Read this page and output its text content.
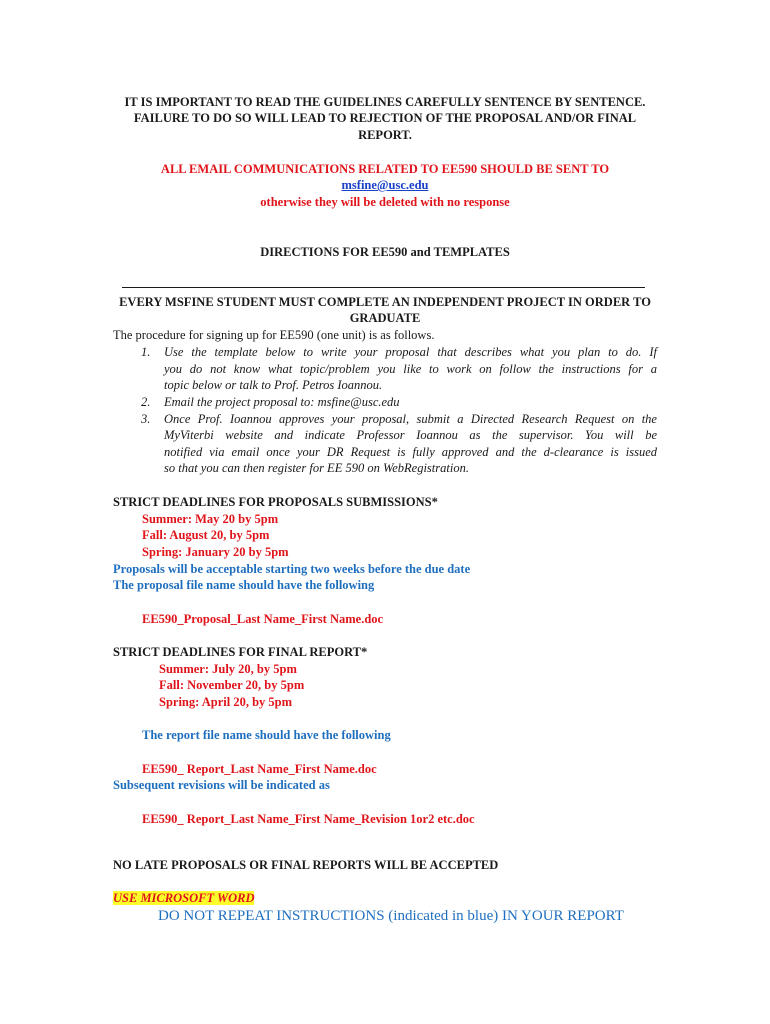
IT IS IMPORTANT TO READ THE GUIDELINES CAREFULLY SENTENCE BY SENTENCE.
FAILURE TO DO SO WILL LEAD TO REJECTION OF THE PROPOSAL AND/OR FINAL
REPORT.
ALL EMAIL COMMUNICATIONS RELATED TO EE590 SHOULD BE SENT TO
msfine@usc.edu
otherwise they will be deleted with no response
DIRECTIONS FOR EE590 and TEMPLATES
EVERY MSFINE STUDENT MUST COMPLETE AN INDEPENDENT PROJECT IN ORDER TO
GRADUATE
The procedure for signing up for EE590 (one unit) is as follows.
1. Use the template below to write your proposal that describes what you plan to do. If
you do not know what topic/problem you like to work on follow the instructions for a
topic below or talk to Prof. Petros Ioannou.
2. Email the project proposal to: msfine@usc.edu
3. Once Prof. Ioannou approves your proposal, submit a Directed Research Request on the
MyViterbi website and indicate Professor Ioannou as the supervisor. You will be
notified via email once your DR Request is fully approved and the d-clearance is issued
so that you can then register for EE 590 on WebRegistration.
STRICT DEADLINES FOR PROPOSALS SUBMISSIONS*
Summer: May 20 by 5pm
Fall: August 20, by 5pm
Spring: January 20 by 5pm
Proposals will be acceptable starting two weeks before the due date
The proposal file name should have the following
EE590_Proposal_Last Name_First Name.doc
STRICT DEADLINES FOR FINAL REPORT*
Summer: July 20, by 5pm
Fall: November 20, by 5pm
Spring: April 20, by 5pm
The report file name should have the following
EE590_ Report_Last Name_First Name.doc
Subsequent revisions will be indicated as
EE590_ Report_Last Name_First Name_Revision 1or2 etc.doc
NO LATE PROPOSALS OR FINAL REPORTS WILL BE ACCEPTED
USE MICROSOFT WORD
DO NOT REPEAT INSTRUCTIONS (indicated in blue) IN YOUR REPORT
